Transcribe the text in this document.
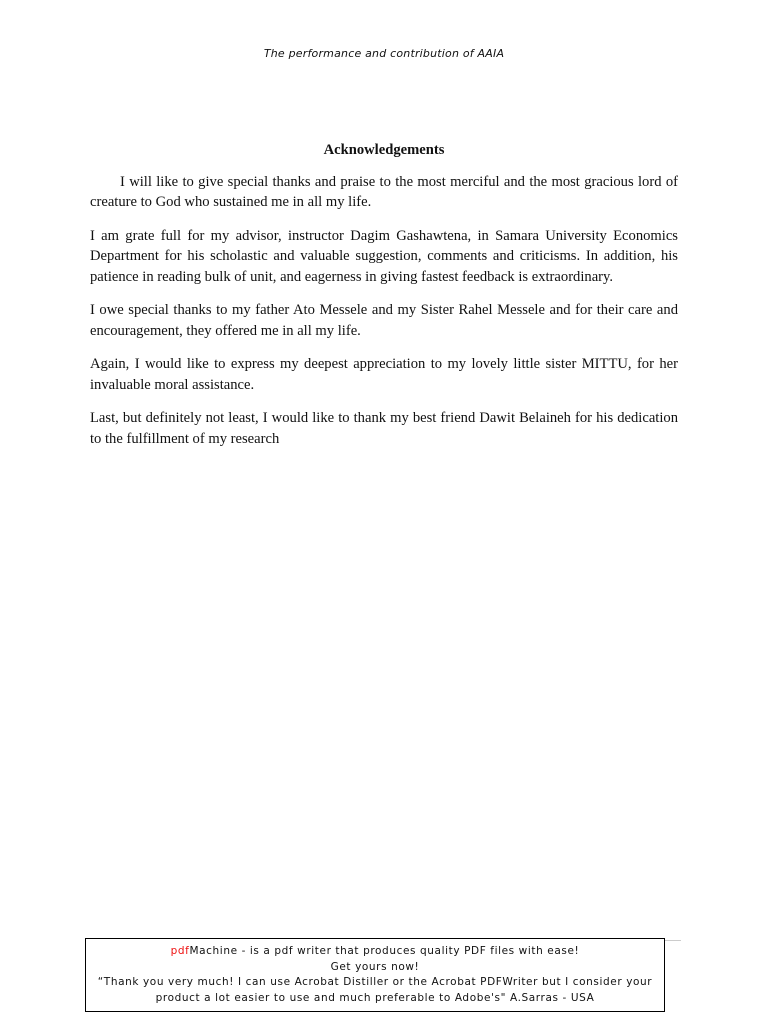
The performance and contribution of AAIA
Acknowledgements

I will like to give special thanks and praise to the most merciful and the most gracious lord of creature to God who sustained me in all my life.

I am grate full for my advisor, instructor Dagim Gashawtena, in Samara University Economics Department for his scholastic and valuable suggestion, comments and criticisms. In addition, his patience in reading bulk of unit, and eagerness in giving fastest feedback is extraordinary.

I owe special thanks to my father Ato Messele and my Sister Rahel Messele and for their care and encouragement, they offered me in all my life.

Again, I would like to express my deepest appreciation to my lovely little sister MITTU, for her invaluable moral assistance.

Last, but definitely not least, I would like to thank my best friend Dawit Belaineh for his dedication to the fulfillment of my research

pdfMachine - is a pdf writer that produces quality PDF files with ease!
Get yours now!
“Thank you very much! I can use Acrobat Distiller or the Acrobat PDFWriter but I consider your
product a lot easier to use and much preferable to Adobe's" A.Sarras - USA
